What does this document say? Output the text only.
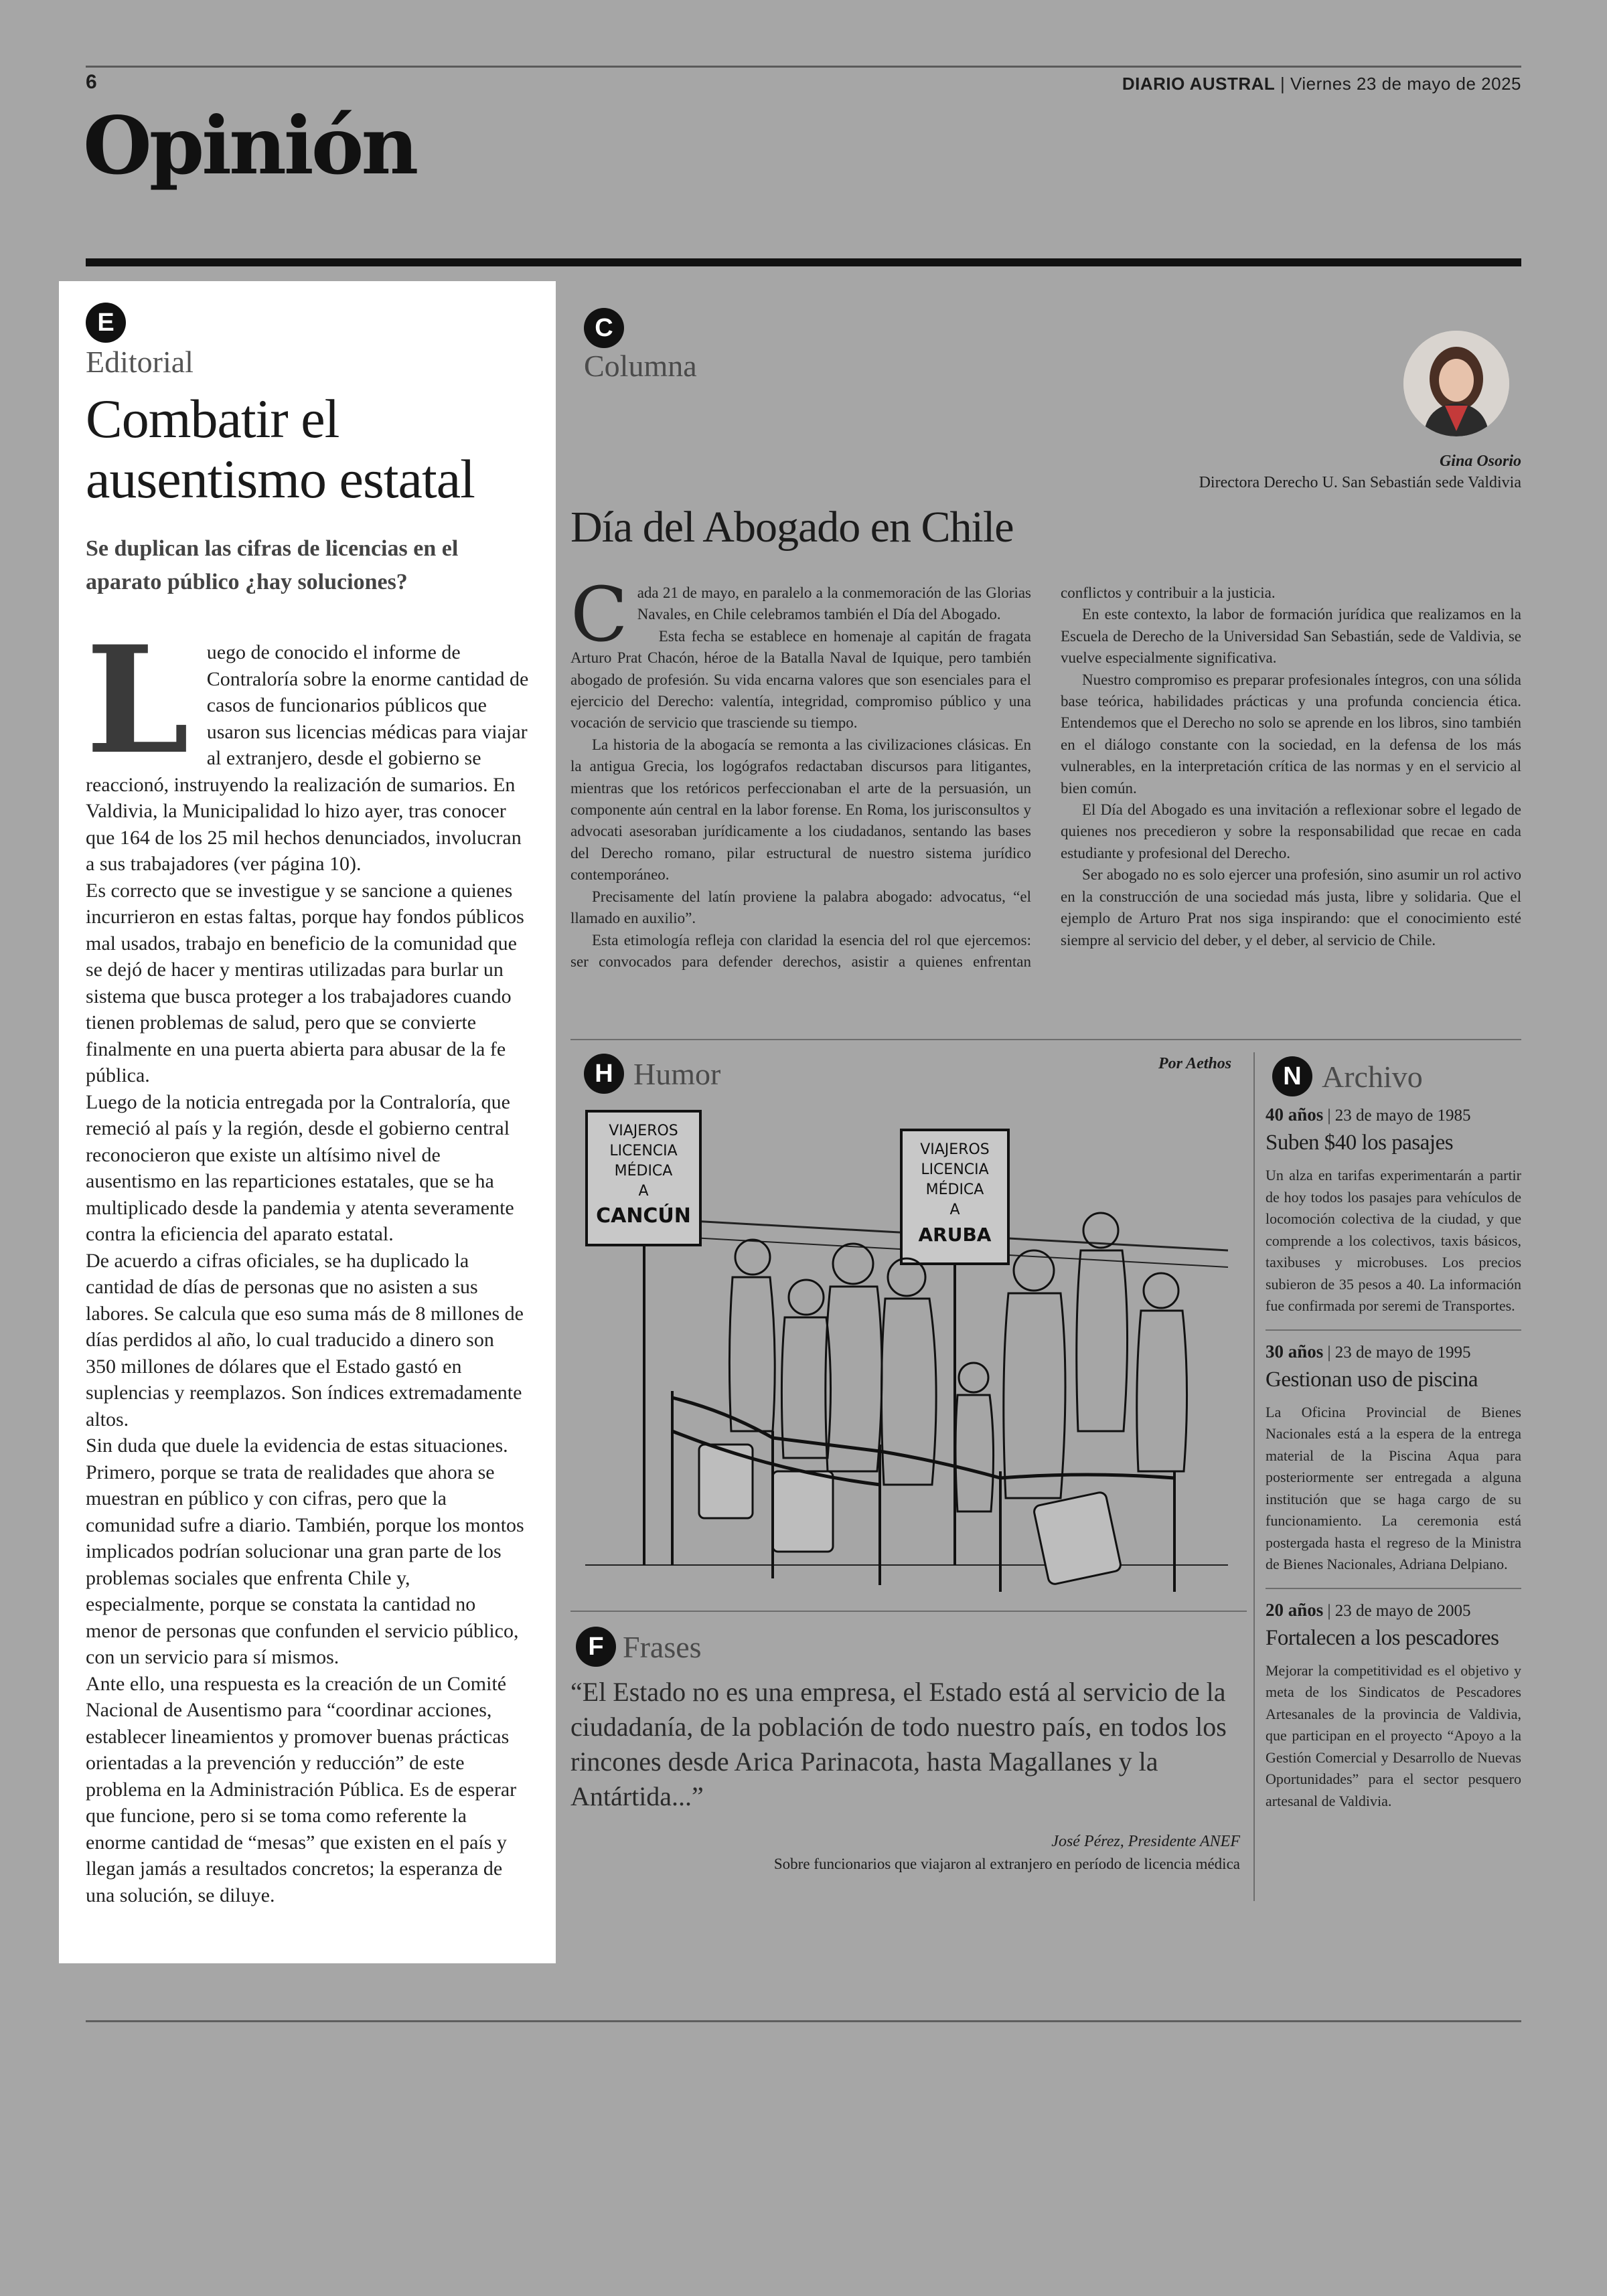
6	DIARIO AUSTRAL | Viernes 23 de mayo de 2025
Opinión
E
Editorial
Combatir el ausentismo estatal
Se duplican las cifras de licencias en el aparato público ¿hay soluciones?

Luego de conocido el informe de Contraloría sobre la enorme cantidad de casos de funcionarios públicos que usaron sus licencias médicas para viajar al extranjero, desde el gobierno se reaccionó, instruyendo la realización de sumarios. En Valdivia, la Municipalidad lo hizo ayer, tras conocer que 164 de los 25 mil hechos denunciados, involucran a sus trabajadores (ver página 10).

Es correcto que se investigue y se sancione a quienes incurrieron en estas faltas, porque hay fondos públicos mal usados, trabajo en beneficio de la comunidad que se dejó de hacer y mentiras utilizadas para burlar un sistema que busca proteger a los trabajadores cuando tienen problemas de salud, pero que se convierte finalmente en una puerta abierta para abusar de la fe pública.

Luego de la noticia entregada por la Contraloría, que remeció al país y la región, desde el gobierno central reconocieron que existe un altísimo nivel de ausentismo en las reparticiones estatales, que se ha multiplicado desde la pandemia y atenta severamente contra la eficiencia del aparato estatal.

De acuerdo a cifras oficiales, se ha duplicado la cantidad de días de personas que no asisten a sus labores. Se calcula que eso suma más de 8 millones de días perdidos al año, lo cual traducido a dinero son 350 millones de dólares que el Estado gastó en suplencias y reemplazos. Son índices extremadamente altos.

Sin duda que duele la evidencia de estas situaciones. Primero, porque se trata de realidades que ahora se muestran en público y con cifras, pero que la comunidad sufre a diario. También, porque los montos implicados podrían solucionar una gran parte de los problemas sociales que enfrenta Chile y, especialmente, porque se constata la cantidad no menor de personas que confunden el servicio público, con un servicio para sí mismos.

Ante ello, una respuesta es la creación de un Comité Nacional de Ausentismo para “coordinar acciones, establecer lineamientos y promover buenas prácticas orientadas a la prevención y reducción” de este problema en la Administración Pública. Es de esperar que funcione, pero si se toma como referente la enorme cantidad de “mesas” que existen en el país y llegan jamás a resultados concretos; la esperanza de una solución, se diluye.

C
Columna
Gina Osorio
Directora Derecho U. San Sebastián sede Valdivia
Día del Abogado en Chile

Cada 21 de mayo, en paralelo a la conmemoración de las Glorias Navales, en Chile celebramos también el Día del Abogado.

Esta fecha se establece en homenaje al capitán de fragata Arturo Prat Chacón, héroe de la Batalla Naval de Iquique, pero también abogado de profesión. Su vida encarna valores que son esenciales para el ejercicio del Derecho: valentía, integridad, compromiso público y una vocación de servicio que trasciende su tiempo.

La historia de la abogacía se remonta a las civilizaciones clásicas. En la antigua Grecia, los logógrafos redactaban discursos para litigantes, mientras que los retóricos perfeccionaban el arte de la persuasión, un componente aún central en la labor forense. En Roma, los jurisconsultos y advocati asesoraban jurídicamente a los ciudadanos, sentando las bases del Derecho romano, pilar estructural de nuestro sistema jurídico contemporáneo.

Precisamente del latín proviene la palabra abogado: advocatus, “el llamado en auxilio”.

Esta etimología refleja con claridad la esencia del rol que ejercemos: ser convocados para defender derechos, asistir a quienes enfrentan conflictos y contribuir a la justicia.

En este contexto, la labor de formación jurídica que realizamos en la Escuela de Derecho de la Universidad San Sebastián, sede de Valdivia, se vuelve especialmente significativa.

Nuestro compromiso es preparar profesionales íntegros, con una sólida base teórica, habilidades prácticas y una profunda conciencia ética. Entendemos que el Derecho no solo se aprende en los libros, sino también en el diálogo constante con la sociedad, en la defensa de los más vulnerables, en la interpretación crítica de las normas y en el servicio al bien común.

El Día del Abogado es una invitación a reflexionar sobre el legado de quienes nos precedieron y sobre la responsabilidad que recae en cada estudiante y profesional del Derecho.

Ser abogado no es solo ejercer una profesión, sino asumir un rol activo en la construcción de una sociedad más justa, libre y solidaria. Que el ejemplo de Arturo Prat nos siga inspirando: que el conocimiento esté siempre al servicio del deber, y el deber, al servicio de Chile.

H Humor	Por Aethos
VIAJEROS
LICENCIA
MÉDICA
A
CANCÚN
VIAJEROS
LICENCIA
MÉDICA
A
ARUBA
F Frases
“El Estado no es una empresa, el Estado está al servicio de la ciudadanía, de la población de todo nuestro país, en todos los rincones desde Arica Parinacota, hasta Magallanes y la Antártida...”
José Pérez, Presidente ANEF
Sobre funcionarios que viajaron al extranjero en período de licencia médica
N Archivo
40 años | 23 de mayo de 1985
Suben $40 los pasajes
Un alza en tarifas experimentarán a partir de hoy todos los pasajes para vehículos de locomoción colectiva de la ciudad, y que comprende a los colectivos, taxis básicos, taxibuses y microbuses. Los precios subieron de 35 pesos a 40. La información fue confirmada por seremi de Transportes.
30 años | 23 de mayo de 1995
Gestionan uso de piscina
La Oficina Provincial de Bienes Nacionales está a la espera de la entrega material de la Piscina Aqua para posteriormente ser entregada a alguna institución que se haga cargo de su funcionamiento. La ceremonia está postergada hasta el regreso de la Ministra de Bienes Nacionales, Adriana Delpiano.
20 años | 23 de mayo de 2005
Fortalecen a los pescadores
Mejorar la competitividad es el objetivo y meta de los Sindicatos de Pescadores Artesanales de la provincia de Valdivia, que participan en el proyecto “Apoyo a la Gestión Comercial y Desarrollo de Nuevas Oportunidades” para el sector pesquero artesanal de Valdivia.
